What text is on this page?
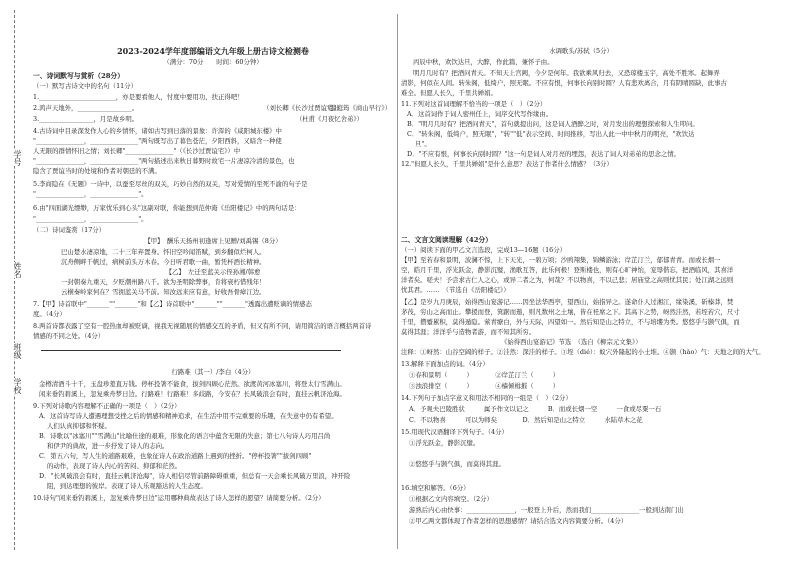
学号
姓名
班级
学校
2023-2024学年度部编语文九年级上册古诗文检测卷
（满分：70分　　时间：60分钟）
一、诗词默写与赏析（28分）
（一）默写古诗文中的名句（11分）
1.________________________，亦是要看他人，忖度中要用功，扶正得吧！
（刘长卿《长沙过贾谊宅》）
2.鸿声天地外，_________________。	（温庭筠《商山早行》）
3._________________，月是故乡明。	（杜甫《月夜忆舍弟》）
4.古诗词中目录深发作人心的乡情怀，诸如古写到日落的景象：许浑的《咸阳城东楼》中
"_______________，_______________"两句既写出了暮色苍茫，夕阳西斜，又暗含一种使
人无限的群情怀旧之情；刘长卿"_______________"（《长沙过贾谊宅》）中
"_______________，_______________"两句描述出来秋日暮野时故宅一片凄凉冷清的景色，也
隐含了贾谊当时的处境和作者对朝廷的不满。
5.李商隐在《无题》一诗中，以蚕至尽丝的双关，巧妙自然的双关，写对爱情的至死不渝的句子是
"_______________，_______________"。
6.由"四面湖光缥缈，万家忧乐到心头"这副对联，你能想到范仲淹《岳阳楼记》中的两句话是：
"_______________，_______________"。
（二）诗词鉴赏（17分）
【甲】　酬乐天扬州初逢席上见赠/刘禹锡（8分）
巴山楚水凄凉地，二十三年弃置身。怀旧空吟闻笛赋，到乡翻似烂柯人。
沉舟侧畔千帆过，病树前头万木春。今日听君歌一曲，暂凭杯酒长精神。
【乙】　左迁至蓝关示侄孙湘/韩愈
一封朝奏九重天，夕贬潮州路八千。欲为圣明除弊事，肯将衰朽惜残年！
云横秦岭家何在？雪拥蓝关马不前。知汝远来应有意，好收吾骨瘴江边。
7.【甲】诗首联中"_______""_______"和【乙】诗首联中"_______""_______"透露出遭贬谪的情感态
度。（4分）
8.两首诗都表露了空有一腔热血却被贬谪，视我无视随展的情感交互的矛盾，但又有所不同，请用简洁的语言概括两首诗
情感的不同之处。（4分）
行路难（其一）/李白（4分）
金樽清酒斗十千，玉盘珍羞直万钱。停杯投箸不能食，拔剑四顾心茫然。欲渡黄河冰塞川，将登太行雪满山。
闲来垂钓碧溪上，忽复乘舟梦日边。行路难！行路难！多歧路，今安在？长风破浪会有时，直挂云帆济沧海。
9.下列对诗歌内容理解不正确的一项是（　）（2分）
A．这首诗写诗人遭遇理想受挫之后的情感和精神追求，在生活中用不完重要的乐趣，在失意中仍有希望。
人们认真抑郁和怀疑。
B．诗歌以"冰塞川""雪满山"比喻仕途的艰难，形象化的语言中蕴含无限的失意；第七八句诗人巧用吕尚
和伊尹的典故，进一步抒发了诗人的志向。
C．第五六句，写人生的道路艰难，也象征诗人在政治道路上遇到的挫折。"停杯投箸""拔剑四顾"
的动作，表现了诗人内心的苦闷、抑郁和茫然。
D．"长风破浪会有时，直挂云帆济沧海"，诗人相信尽管前路障碍重重，但总有一天会乘长风破万里浪，冲开险
阻，到达理想的彼岸。表现了诗人乐观豁达的人生态度。
10.诗句"闲来垂钓碧溪上，忽复乘舟梦日边"运用哪种典故表达了诗人怎样的愿望？请简要分析。（2分）
水调歌头/苏轼（5分）
丙辰中秋，欢饮达旦，大醉，作此篇，兼怀子由。
明月几时有？把酒问青天。不知天上宫阙，今夕是何年。我欲乘风归去，又恐琼楼玉宇，高处不胜寒。起舞弄
清影，何似在人间。转朱阁，低绮户，照无眠。不应有恨，何事长向别时圆？人有悲欢离合，月有阴晴圆缺，此事古
难全。但愿人长久，千里共婵娟。
11.下列对这首词理解不恰当的一项是（　）（2分）
A．这首词作于词人密州任上，词序交代写作缘由。
B．"明月几时有？把酒问青天"，首句就提出问，这是词人酒醉之时，对月发出的理想探索和人生叩问。
C．"转朱阁，低绮户，照无眠"，"转""低"表示空间、时间推移，写出人此一中中秋月的明亮，"欢饮达
旦"。
D．"不应有恨，何事长向别时圆？"这一句是词人对月亮的埋怨，表达了词人对弟弟的思念之情。
12."但愿人长久，千里共婵娟"是什么意思？表达了作者什么情感？（3分）
二、文言文阅读理解（42分）
（一）阅读下面的甲乙文言选段，完成13—16题（16分）
【甲】至若春和景明，波澜不惊，上下天光，一碧万顷；沙鸥翔集，锦鳞游泳；岸芷汀兰，郁郁青青。而或长烟一
空，皓月千里，浮光跃金，静影沉璧，渔歌互答，此乐何极！登斯楼也，则有心旷神怡，宠辱偕忘，把酒临风，其喜洋
洋者矣。嗟夫！予尝求古仁人之心，或异二者之为，何哉？不以物喜，不以己悲；居庙堂之高则忧其民；处江湖之远则
忧其君。……　（节选自《岳阳楼记》）
【乙】是岁九月庚辰，始得西山宴游记……因坐法华西亭，望西山，始指异之。遂命仆人过湘江，缘染溪，斫榛莽，焚
茅茷，穷山之高而止。攀援而登，箕踞而遨，则凡数州之土壤，皆在衽席之下。其高下之势，岈然洼然，若垤若穴，尺寸
千里，攒蹙累积，莫得遁隐。萦青缭白，外与天际，四望如一。然后知是山之特立，不与培塿为类。悠悠乎与颢气俱，而
莫得其涯；洋洋乎与造物者游，而不知其所穷。
《始得西山宴游记》节选　（选自《柳宗元文集》）
注释：①岈然：山谷空阔的样子。②洼然：深洼的样子。③垤（dié）：蚁穴外隆起的小土堆。④颢（hào）气：天地之间的大气。
13.解释下面加点的词。（4分）
①春和景明（　　　）　　　　②岸芷汀兰（　　　）
③浊浪排空（　　　）　　　　④樯倾楫摧（　　　）
14.下列句子加点字意义和用法不相同的一组是（　）（2分）
A．予观夫巴陵胜状　　　属予作文以记之　　　B．而或长烟一空　　　一食或尽粟一石
C．不以物喜　　　可以为师矣　　　　D．然后知是山之特立　　　水陆草木之花
15.用现代汉语翻译下列句子。（4分）
①浮光跃金，静影沉璧。
②悠悠乎与颢气俱，而莫得其涯。
16.填空和解答。（6分）
①根据乙文内容填空。（2分）
游熟后内心由快事：_______________，一般登上升后，然而我们_______________一般到达南门出
②甲乙两文都体现了作者怎样的思想感情？请结合选文内容简要分析。（4分）
